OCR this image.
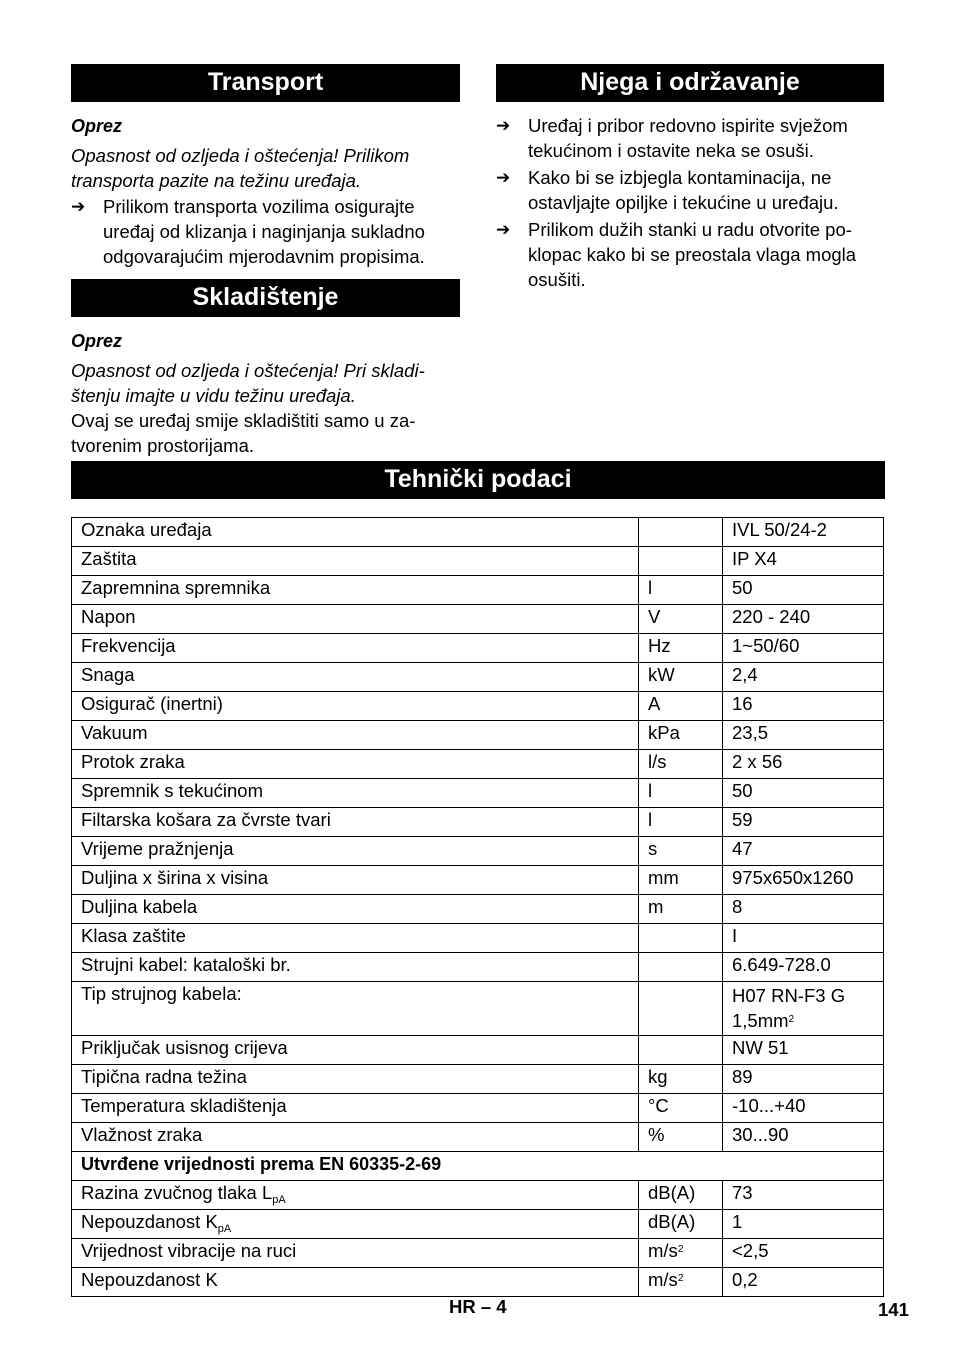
Transport
Oprez
Opasnost od ozljeda i oštećenja! Prilikom
transporta pazite na težinu uređaja.
➔ Prilikom transporta vozilima osigurajte
uređaj od klizanja i naginjanja sukladno
odgovarajućim mjerodavnim propisima.
Skladištenje
Oprez
Opasnost od ozljeda i oštećenja! Pri skladi-
štenju imajte u vidu težinu uređaja.
Ovaj se uređaj smije skladištiti samo u za-
tvorenim prostorijama.
Njega i održavanje
➔ Uređaj i pribor redovno ispirite svježom
tekućinom i ostavite neka se osuši.
➔ Kako bi se izbjegla kontaminacija, ne
ostavljajte opiljke i tekućine u uređaju.
➔ Prilikom dužih stanki u radu otvorite po-
klopac kako bi se preostala vlaga mogla
osušiti.
Tehnički podaci
Oznaka uređaja		IVL 50/24-2
Zaštita		IP X4
Zapremnina spremnika	l	50
Napon	V	220 - 240
Frekvencija	Hz	1~50/60
Snaga	kW	2,4
Osigurač (inertni)	A	16
Vakuum	kPa	23,5
Protok zraka	l/s	2 x 56
Spremnik s tekućinom	l	50
Filtarska košara za čvrste tvari	l	59
Vrijeme pražnjenja	s	47
Duljina x širina x visina	mm	975x650x1260
Duljina kabela	m	8
Klasa zaštite		I
Strujni kabel: kataloški br.		6.649-728.0
Tip strujnog kabela:		H07 RN-F3 G
$1,5mm^2$

Priključak usisnog crijeva		NW 51
Tipična radna težina	kg	89
Temperatura skladištenja	°C	-10...+40
Vlažnost zraka	%	30...90
Utvrđene vrijednosti prema EN 60335-2-69		
Razina zvučnog tlaka $L_{pA}$	dB(A)	73
Nepouzdanost $K_{pA}$	dB(A)	1
Vrijednost vibracije na ruci	$m/s^2$	<2,5
Nepouzdanost K	$m/s^2$	0,2
HR – 4	141
